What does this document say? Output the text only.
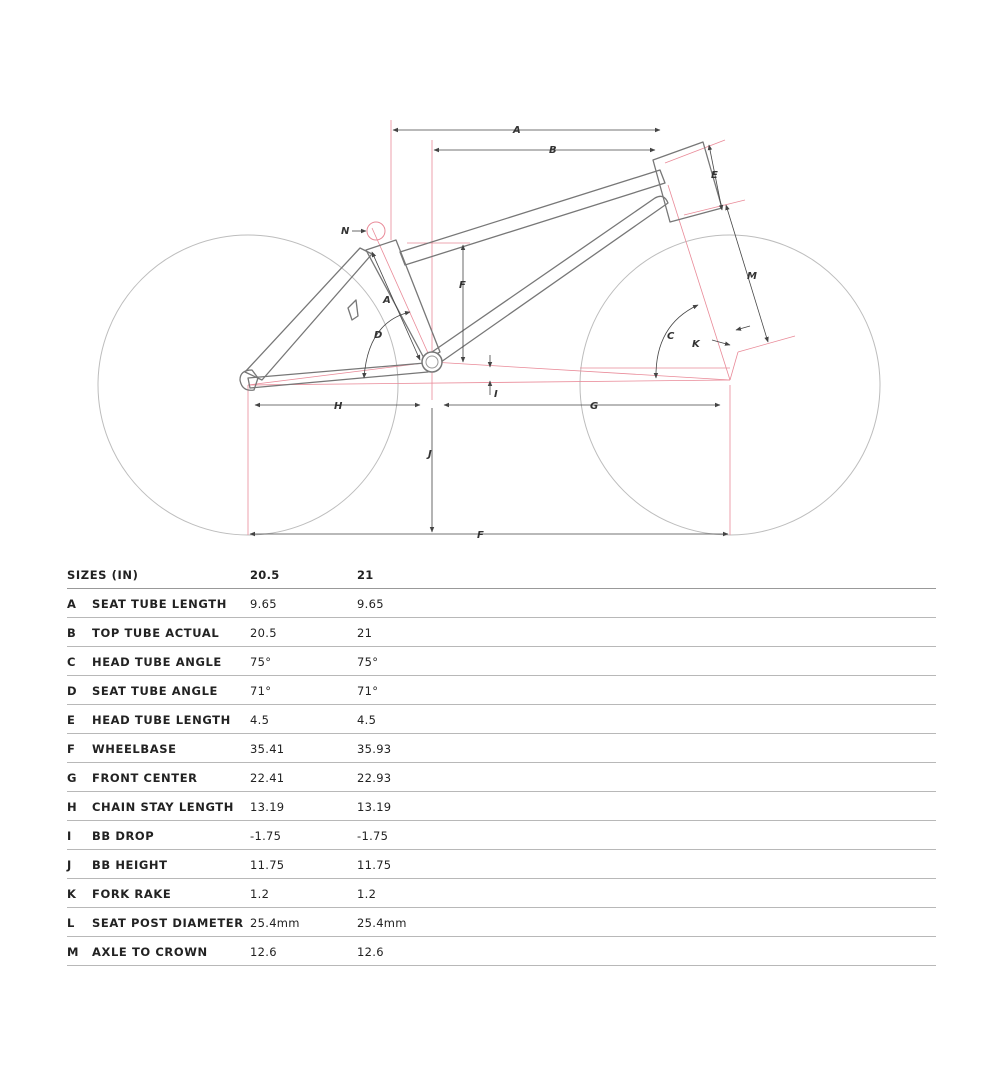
A
B
E
M
F
A
D	C
K
H	G
I
J
F
N
SIZES (IN)	20.5	21
A SEAT TUBE LENGTH 9.65	9.65
B TOP TUBE ACTUAL	20.5	21
C HEAD TUBE ANGLE 75°	75°
D SEAT TUBE ANGLE	71°	71°
E HEAD TUBE LENGTH 4.5	4.5
F WHEELBASE	35.41	35.93
G FRONT CENTER	22.41	22.93
H CHAIN STAY LENGTH 13.19	13.19
I BB DROP	-1.75	-1.75
J BB HEIGHT	11.75	11.75
K FORK RAKE	1.2	1.2
L SEAT POST DIAMETER 25.4mm	25.4mm
M AXLE TO CROWN	12.6	12.6
